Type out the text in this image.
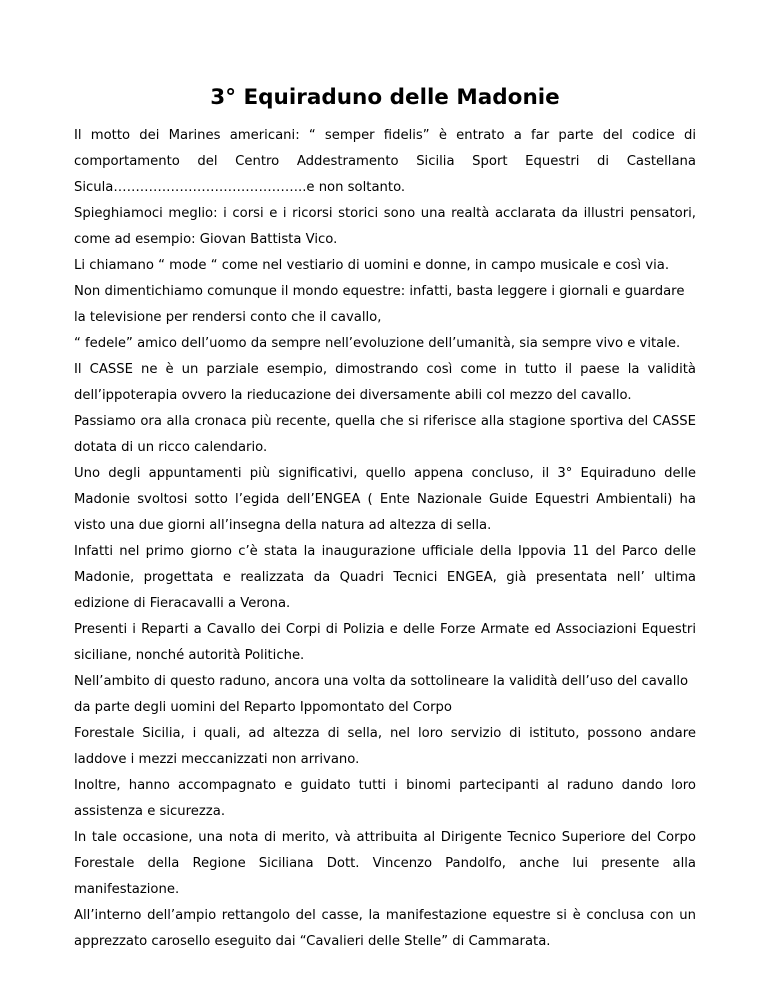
3° Equiraduno delle Madonie

Il motto dei Marines americani: “ semper fidelis” è entrato a far parte del codice di comportamento del Centro Addestramento Sicilia Sport Equestri di Castellana Sicula……………………………………..e non soltanto.

Spieghiamoci meglio: i corsi e i ricorsi storici sono una realtà acclarata da illustri pensatori, come ad esempio: Giovan Battista Vico.

Li chiamano “ mode “ come nel vestiario di uomini e donne, in campo musicale e così via.

Non dimentichiamo comunque il mondo equestre: infatti, basta leggere i giornali e guardare la televisione per rendersi conto che il cavallo,

“ fedele” amico dell’uomo da sempre nell’evoluzione dell’umanità, sia sempre vivo e vitale.

Il CASSE ne è un parziale esempio, dimostrando così come in tutto il paese la validità dell’ippoterapia ovvero la rieducazione dei diversamente abili col mezzo del cavallo.

Passiamo ora alla cronaca più recente, quella che si riferisce alla stagione sportiva del CASSE dotata di un ricco calendario.

Uno degli appuntamenti più significativi, quello appena concluso, il 3° Equiraduno delle Madonie svoltosi sotto l’egida dell’ENGEA ( Ente Nazionale Guide Equestri Ambientali) ha visto una due giorni all’insegna della natura ad altezza di sella.

Infatti nel primo giorno c’è stata la inaugurazione ufficiale della Ippovia 11 del Parco delle Madonie, progettata e realizzata da Quadri Tecnici ENGEA, già presentata nell’ ultima edizione di Fieracavalli a Verona.

Presenti i Reparti a Cavallo dei Corpi di Polizia e delle Forze Armate ed Associazioni Equestri siciliane, nonché autorità Politiche.

Nell’ambito di questo raduno, ancora una volta da sottolineare la validità dell’uso del cavallo da parte degli uomini del Reparto Ippomontato del Corpo

Forestale Sicilia, i quali, ad altezza di sella, nel loro servizio di istituto, possono andare laddove i mezzi meccanizzati non arrivano.

Inoltre, hanno accompagnato e guidato tutti i binomi partecipanti al raduno dando loro assistenza e sicurezza.

In tale occasione, una nota di merito, và attribuita al Dirigente Tecnico Superiore del Corpo Forestale della Regione Siciliana Dott. Vincenzo Pandolfo, anche lui presente alla manifestazione.

All’interno dell’ampio rettangolo del casse, la manifestazione equestre si è conclusa con un apprezzato carosello eseguito dai “Cavalieri delle Stelle” di Cammarata.
